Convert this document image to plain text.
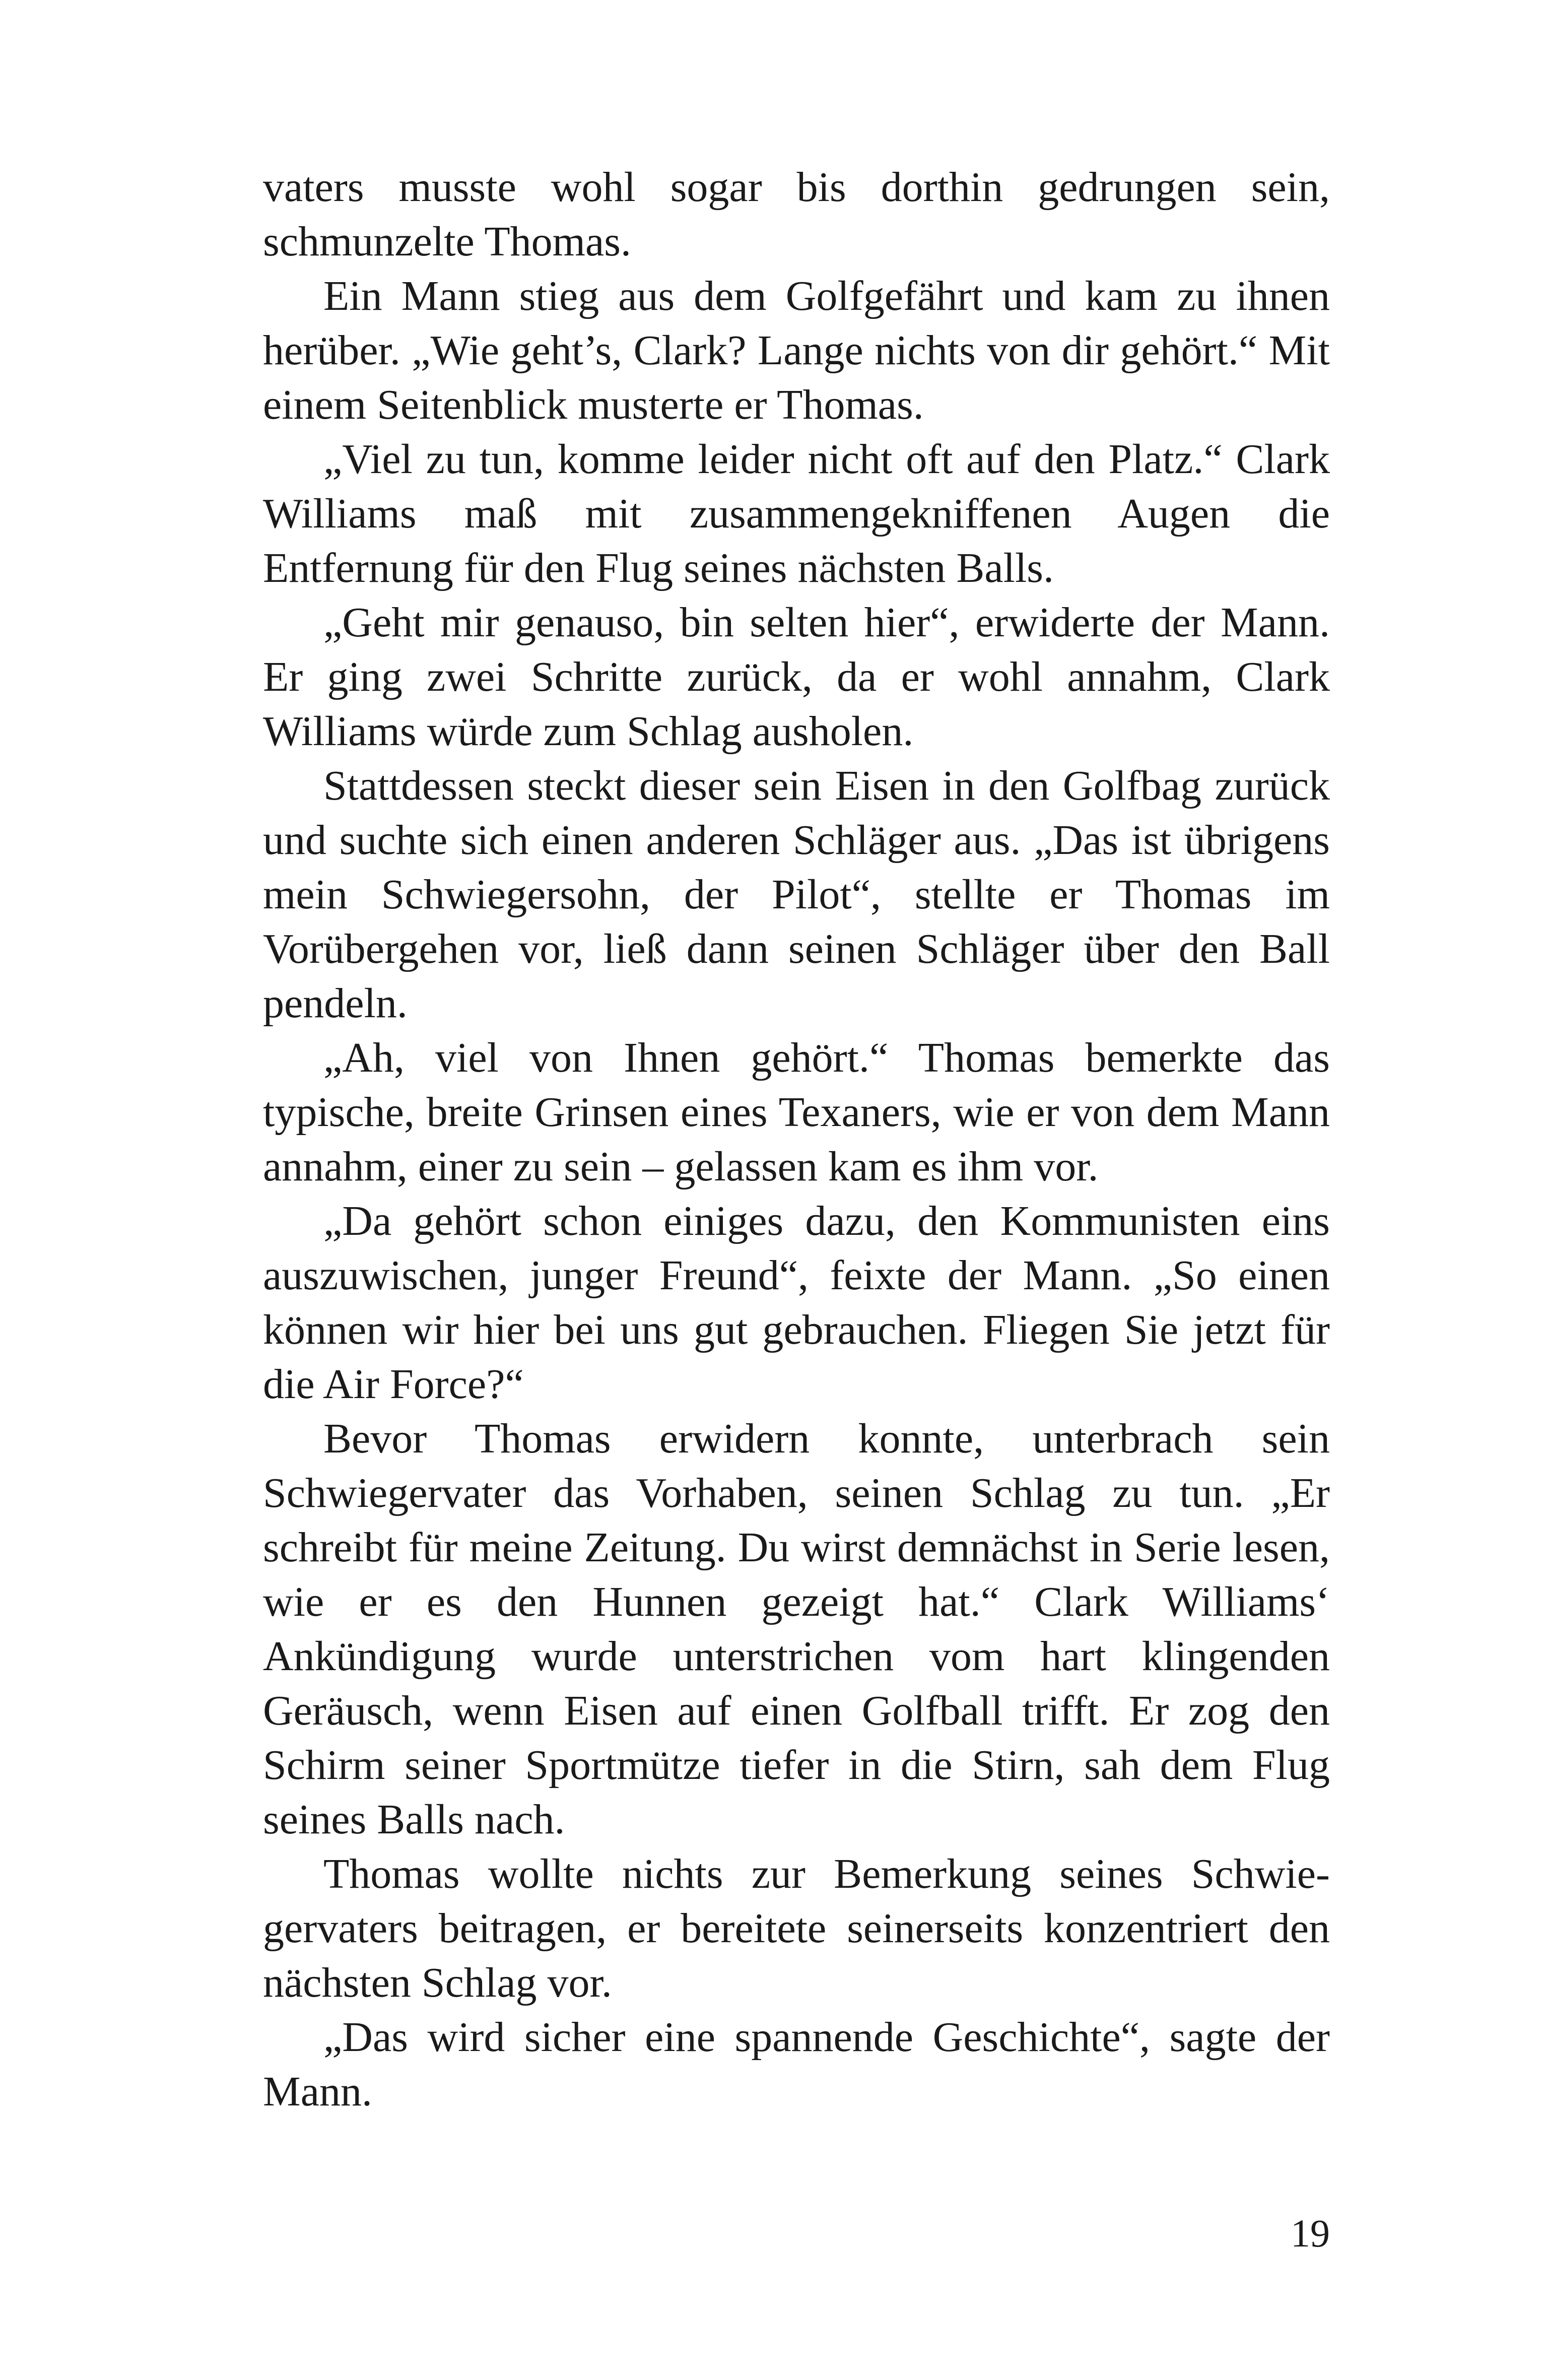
vaters musste wohl sogar bis dorthin gedrungen sein, schmunzelte Thomas.

Ein Mann stieg aus dem Golfgefährt und kam zu ihnen herüber. „Wie geht’s, Clark? Lange nichts von dir gehört.“ Mit einem Seitenblick musterte er Thomas.

„Viel zu tun, komme leider nicht oft auf den Platz.“ Clark Williams maß mit zusammengekniffenen Augen die Entfernung für den Flug seines nächsten Balls.

„Geht mir genauso, bin selten hier“, erwiderte der Mann. Er ging zwei Schritte zurück, da er wohl annahm, Clark Williams würde zum Schlag ausholen.

Stattdessen steckt dieser sein Eisen in den Golfbag zurück und suchte sich einen anderen Schläger aus. „Das ist übrigens mein Schwiegersohn, der Pilot“, stellte er Thomas im Vorübergehen vor, ließ dann seinen Schläger über den Ball pendeln.

„Ah, viel von Ihnen gehört.“ Thomas bemerkte das typische, breite Grinsen eines Texaners, wie er von dem Mann annahm, einer zu sein – gelassen kam es ihm vor.

„Da gehört schon einiges dazu, den Kommunisten eins auszuwischen, junger Freund“, feixte der Mann. „So einen können wir hier bei uns gut gebrauchen. Fliegen Sie jetzt für die Air Force?“

Bevor Thomas erwidern konnte, unterbrach sein Schwiegervater das Vorhaben, seinen Schlag zu tun. „Er schreibt für meine Zeitung. Du wirst demnächst in Serie lesen, wie er es den Hunnen gezeigt hat.“ Clark Williams‘ Ankündigung wurde unterstrichen vom hart klingenden Geräusch, wenn Eisen auf einen Golfball trifft. Er zog den Schirm seiner Sportmütze tiefer in die Stirn, sah dem Flug seines Balls nach.

Thomas wollte nichts zur Bemerkung seines Schwiegervaters beitragen, er bereitete seinerseits konzentriert den nächsten Schlag vor.

„Das wird sicher eine spannende Geschichte“, sagte der Mann.

19
